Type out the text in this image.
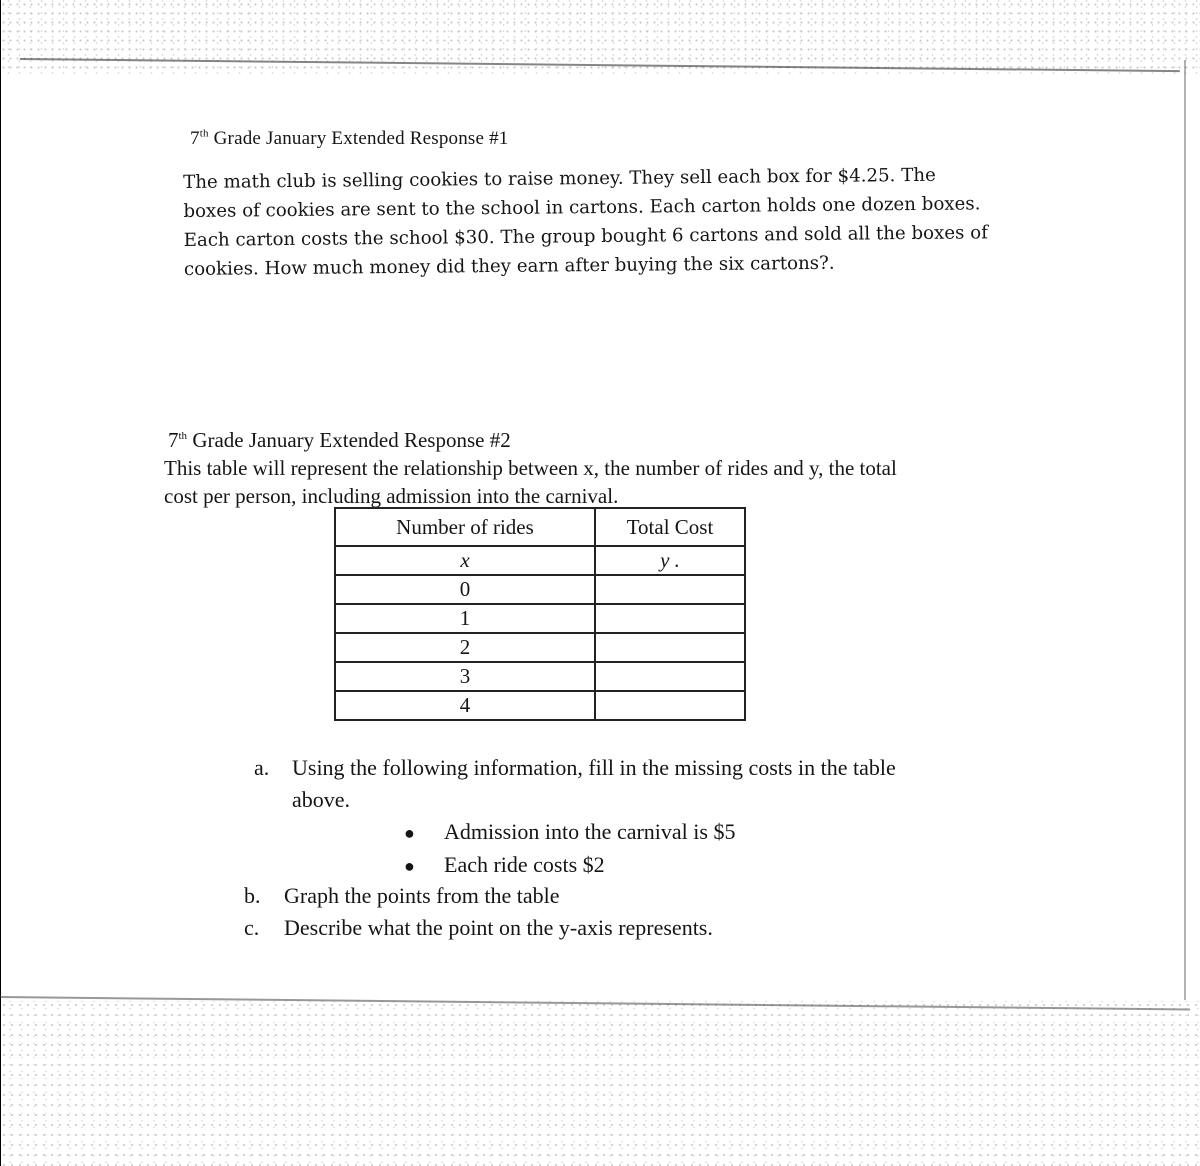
7th Grade January Extended Response #1
The math club is selling cookies to raise money. They sell each box for $4.25. The
boxes of cookies are sent to the school in cartons. Each carton holds one dozen boxes.
Each carton costs the school $30. The group bought 6 cartons and sold all the boxes of
cookies. How much money did they earn after buying the six cartons?.
7th Grade January Extended Response #2
This table will represent the relationship between x, the number of rides and y, the total
cost per person, including admission into the carnival.
Number of rides	Total Cost
x	y .
0	
1	
2	
3	
4	
a. Using the following information, fill in the missing costs in the table
above.
● Admission into the carnival is $5
● Each ride costs $2
b. Graph the points from the table
c. Describe what the point on the y-axis represents.
